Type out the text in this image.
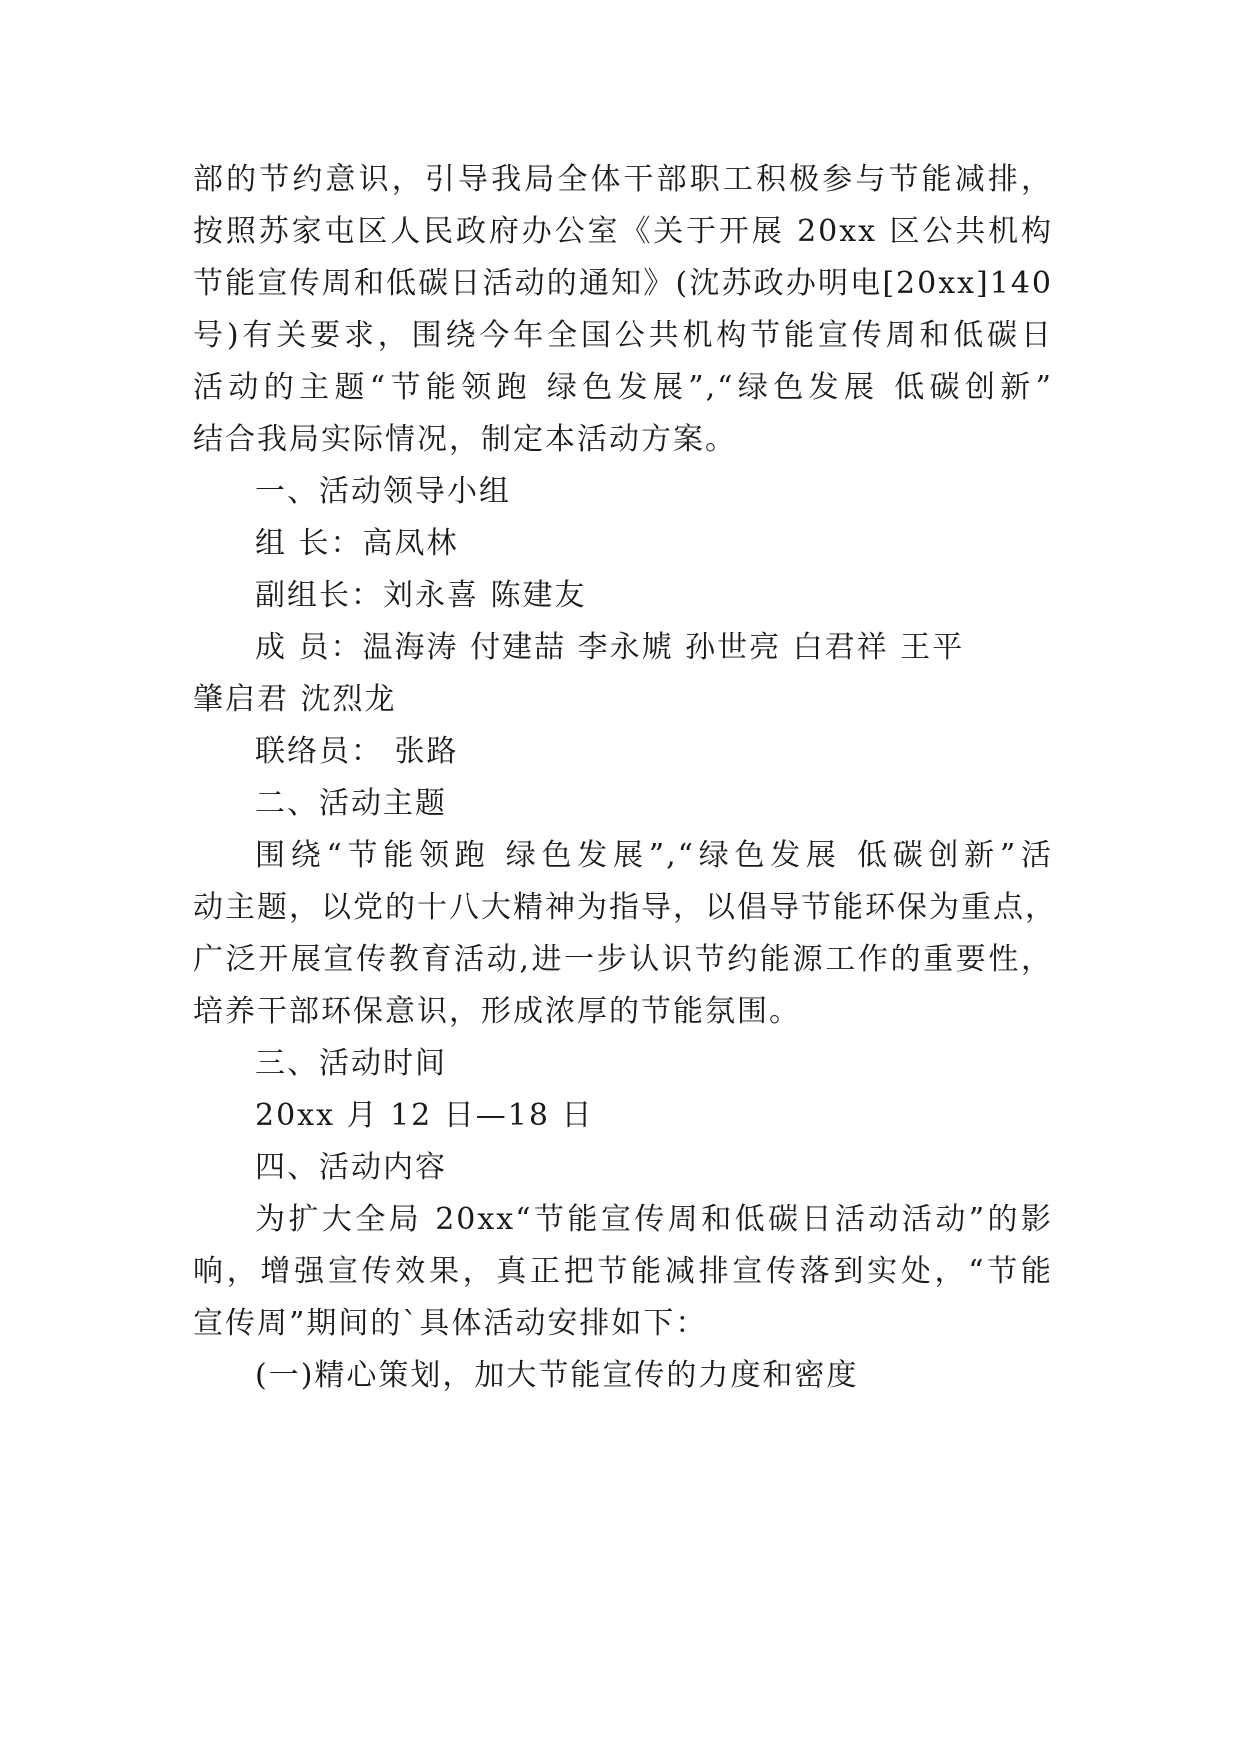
部的节约意识，引导我局全体干部职工积极参与节能减排，
按照苏家屯区人民政府办公室《关于开展 20xx 区公共机构
节能宣传周和低碳日活动的通知》(沈苏政办明电[20xx]140
号)有关要求，围绕今年全国公共机构节能宣传周和低碳日
活动的主题“节能领跑 绿色发展”,“绿色发展 低碳创新”
结合我局实际情况，制定本活动方案。
一、活动领导小组
组 长：高凤林
副组长：刘永喜 陈建友
成 员：温海涛 付建喆 李永虓 孙世亮 白君祥 王平
肇启君 沈烈龙
联络员： 张路
二、活动主题
围绕“节能领跑 绿色发展”,“绿色发展 低碳创新”活
动主题，以党的十八大精神为指导，以倡导节能环保为重点，
广泛开展宣传教育活动,进一步认识节约能源工作的重要性，
培养干部环保意识，形成浓厚的节能氛围。
三、活动时间
20xx 月 12 日—18 日
四、活动内容
为扩大全局 20xx“节能宣传周和低碳日活动活动”的影
响，增强宣传效果，真正把节能减排宣传落到实处，“节能
宣传周”期间的`具体活动安排如下：
(一)精心策划，加大节能宣传的力度和密度
